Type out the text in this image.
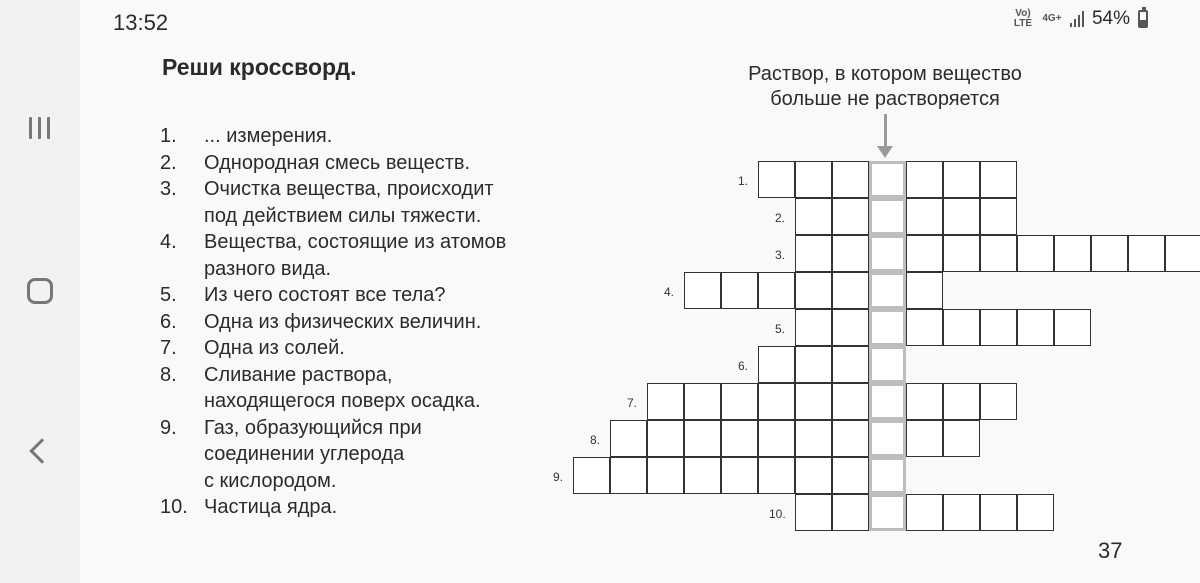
13:52	Vo) LTE 4G+ 54%
Реши кроссворд.
1.	... измерения.
2.	Однородная смесь веществ.
3.	Очистка вещества, происходит
под действием силы тяжести.
4.	Вещества, состоящие из атомов
разного вида.
5.	Из чего состоят все тела?
6.	Одна из физических величин.
7.	Одна из солей.
8.	Сливание раствора,
находящегося поверх осадка.
9.	Газ, образующийся при
соединении углерода
с кислородом.
10. Частица ядра.
Раствор, в котором вещество
больше не растворяется
1.
2.
3.
4.
5.
6.
7.
8.
9.
10.
37
